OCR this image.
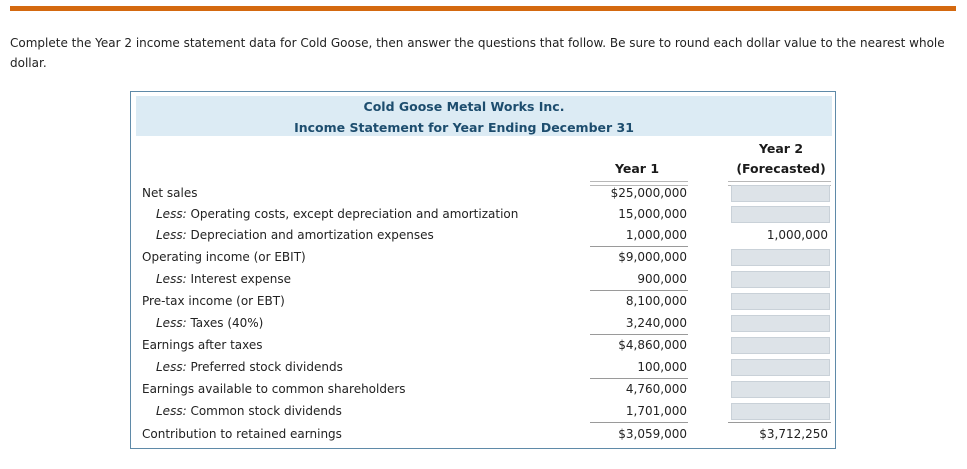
Complete the Year 2 income statement data for Cold Goose, then answer the questions that follow. Be sure to round each dollar value to the nearest whole dollar.
Cold Goose Metal Works Inc.
Income Statement for Year Ending December 31
Year 1
Year 2
(Forecasted)
Net sales	$25,000,000
Less: Operating costs, except depreciation and amortization	15,000,000
Less: Depreciation and amortization expenses	1,000,000	1,000,000
Operating income (or EBIT)	$9,000,000
Less: Interest expense	900,000
Pre-tax income (or EBT)	8,100,000
Less: Taxes (40%)	3,240,000
Earnings after taxes	$4,860,000
Less: Preferred stock dividends	100,000
Earnings available to common shareholders	4,760,000
Less: Common stock dividends	1,701,000
Contribution to retained earnings	$3,059,000	$3,712,250
